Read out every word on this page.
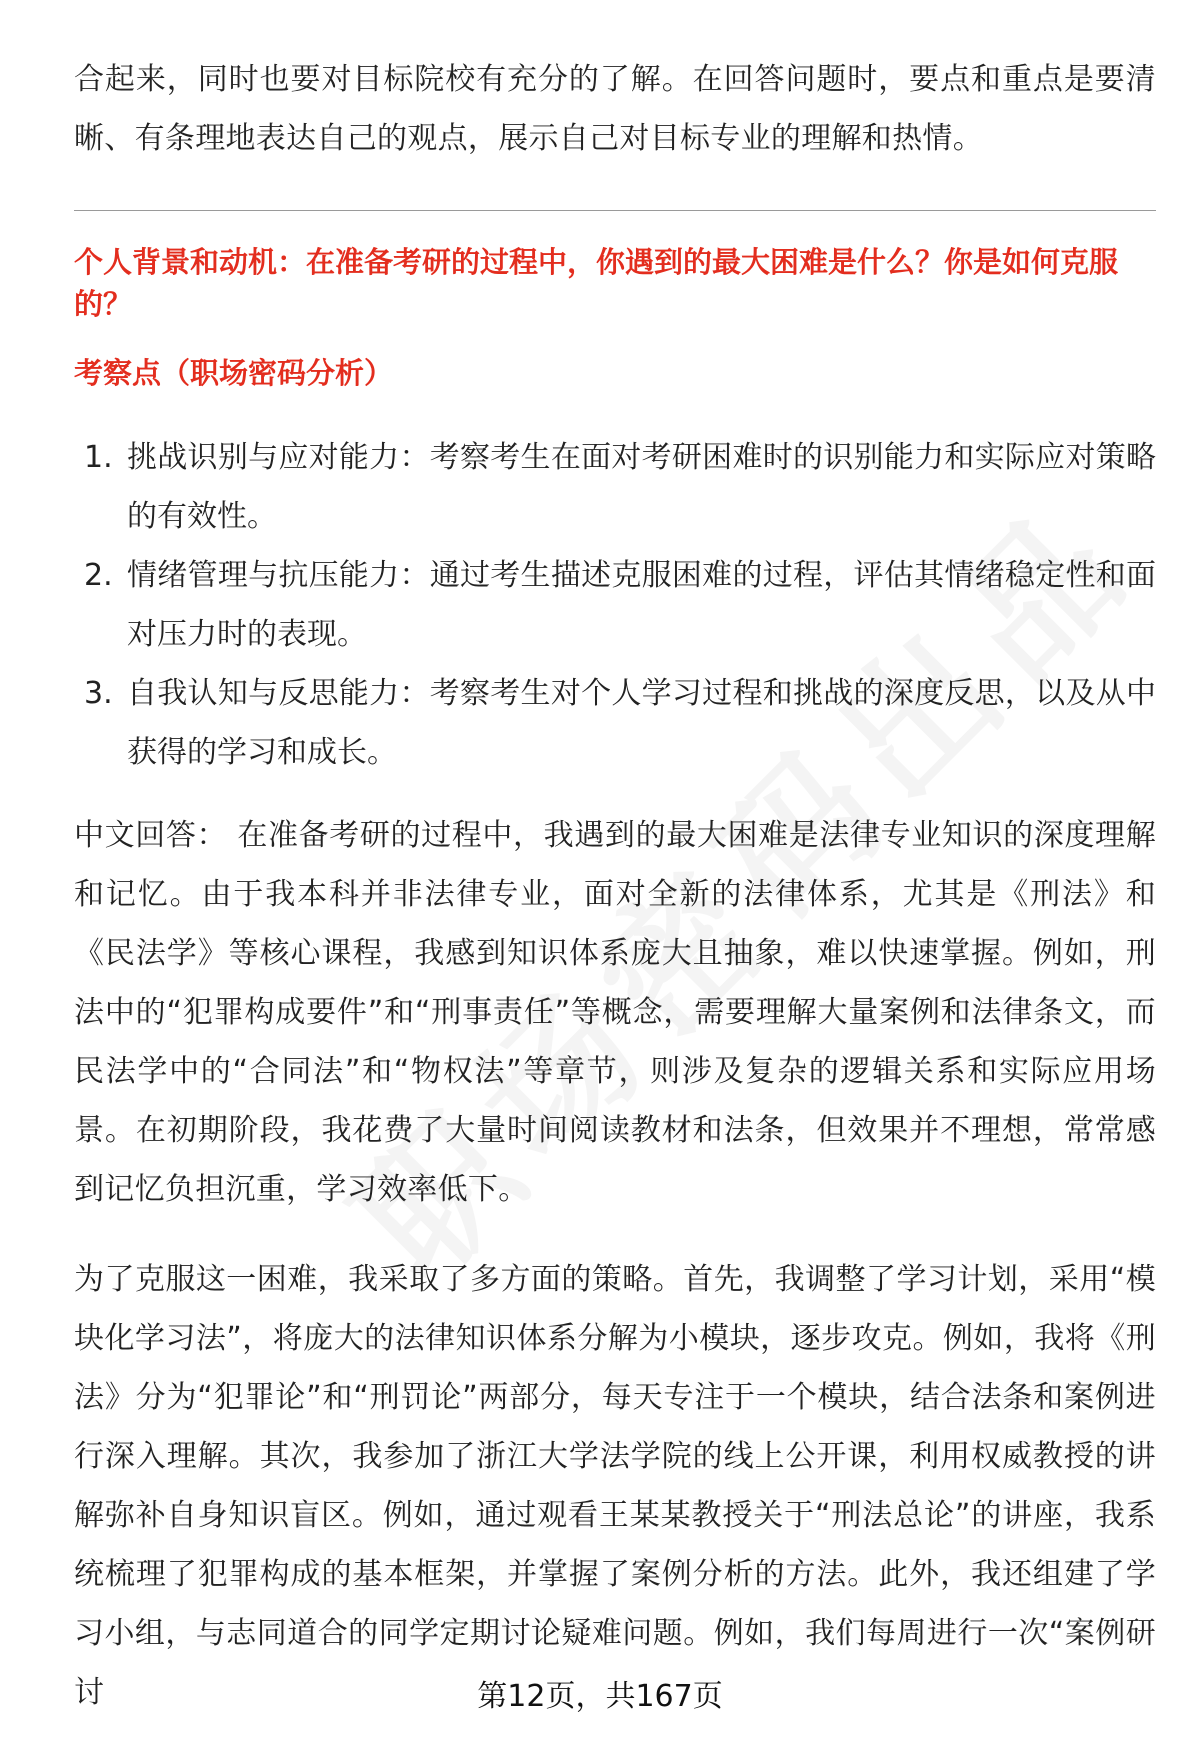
合起来，同时也要对目标院校有充分的了解。在回答问题时，要点和重点是要清晰、有条理地表达自己的观点，展示自己对目标专业的理解和热情。

个人背景和动机：在准备考研的过程中，你遇到的最大困难是什么？你是如何克服的？

考察点（职场密码分析）

1. 挑战识别与应对能力：考察考生在面对考研困难时的识别能力和实际应对策略的有效性。
2. 情绪管理与抗压能力：通过考生描述克服困难的过程，评估其情绪稳定性和面对压力时的表现。
3. 自我认知与反思能力：考察考生对个人学习过程和挑战的深度反思，以及从中获得的学习和成长。

中文回答： 在准备考研的过程中，我遇到的最大困难是法律专业知识的深度理解和记忆。由于我本科并非法律专业，面对全新的法律体系，尤其是《刑法》和《民法学》等核心课程，我感到知识体系庞大且抽象，难以快速掌握。例如，刑法中的“犯罪构成要件”和“刑事责任”等概念，需要理解大量案例和法律条文，而民法学中的“合同法”和“物权法”等章节，则涉及复杂的逻辑关系和实际应用场景。在初期阶段，我花费了大量时间阅读教材和法条，但效果并不理想，常常感到记忆负担沉重，学习效率低下。

为了克服这一困难，我采取了多方面的策略。首先，我调整了学习计划，采用“模块化学习法”，将庞大的法律知识体系分解为小模块，逐步攻克。例如，我将《刑法》分为“犯罪论”和“刑罚论”两部分，每天专注于一个模块，结合法条和案例进行深入理解。其次，我参加了浙江大学法学院的线上公开课，利用权威教授的讲解弥补自身知识盲区。例如，通过观看王某某教授关于“刑法总论”的讲座，我系统梳理了犯罪构成的基本框架，并掌握了案例分析的方法。此外，我还组建了学习小组，与志同道合的同学定期讨论疑难问题。例如，我们每周进行一次“案例研讨	第12页，共167页
